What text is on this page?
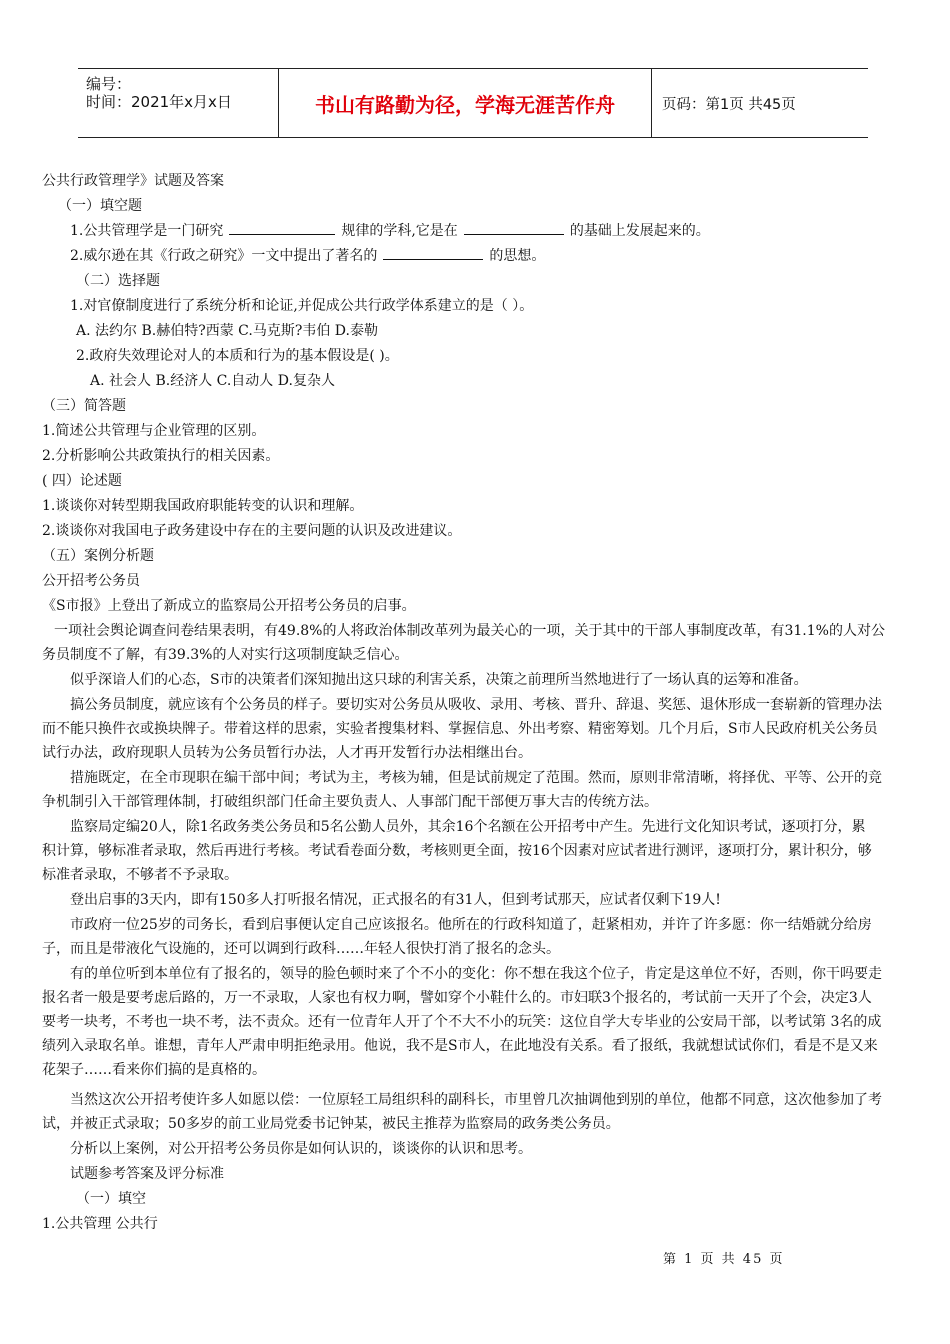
编号：
时间：2021年x月x日	书山有路勤为径，学海无涯苦作舟	页码：第1页 共45页
公共行政管理学》试题及答案
（一）填空题
1.公共管理学是一门研究	规律的学科,它是在	的基础上发展起来的。
2.威尔逊在其《行政之研究》一文中提出了著名的	的思想。
（二）选择题
1.对官僚制度进行了系统分析和论证,并促成公共行政学体系建立的是（ ）。
A. 法约尔 B.赫伯特?西蒙 C.马克斯?韦伯 D.泰勒
2.政府失效理论对人的本质和行为的基本假设是( )。
A. 社会人 B.经济人 C.自动人 D.复杂人
（三）简答题
1.简述公共管理与企业管理的区别。
2.分析影响公共政策执行的相关因素。
( 四）论述题
1.谈谈你对转型期我国政府职能转变的认识和理解。
2.谈谈你对我国电子政务建设中存在的主要问题的认识及改进建议。
（五）案例分析题
公开招考公务员
《S市报》上登出了新成立的监察局公开招考公务员的启事。
一项社会舆论调查问卷结果表明，有49.8%的人将政治体制改革列为最关心的一项，关于其中的干部人事制度改革，有31.1%的人对公
务员制度不了解，有39.3%的人对实行这项制度缺乏信心。
似乎深谙人们的心态，S市的决策者们深知抛出这只球的利害关系，决策之前理所当然地进行了一场认真的运筹和准备。
搞公务员制度，就应该有个公务员的样子。要切实对公务员从吸收、录用、考核、晋升、辞退、奖惩、退休形成一套崭新的管理办法
而不能只换件衣或换块牌子。带着这样的思索，实验者搜集材料、掌握信息、外出考察、精密筹划。几个月后，S市人民政府机关公务员
试行办法，政府现职人员转为公务员暂行办法，人才再开发暂行办法相继出台。
措施既定，在全市现职在编干部中间；考试为主，考核为辅，但是试前规定了范围。然而，原则非常清晰，将择优、平等、公开的竞
争机制引入干部管理体制，打破组织部门任命主要负责人、人事部门配干部便万事大吉的传统方法。
监察局定编20人，除1名政务类公务员和5名公勤人员外，其余16个名额在公开招考中产生。先进行文化知识考试，逐项打分，累
积计算，够标准者录取，然后再进行考核。考试看卷面分数，考核则更全面，按16个因素对应试者进行测评，逐项打分，累计积分，够
标准者录取，不够者不予录取。
登出启事的3天内，即有150多人打听报名情况，正式报名的有31人，但到考试那天，应试者仅剩下19人!
市政府一位25岁的司务长，看到启事便认定自己应该报名。他所在的行政科知道了，赶紧相劝，并许了许多愿：你一结婚就分给房
子，而且是带液化气设施的，还可以调到行政科……年轻人很快打消了报名的念头。
有的单位听到本单位有了报名的，领导的脸色顿时来了个不小的变化：你不想在我这个位子，肯定是这单位不好，否则，你干吗要走
报名者一般是要考虑后路的，万一不录取，人家也有权力啊，譬如穿个小鞋什么的。市妇联3个报名的，考试前一天开了个会，决定3人
要考一块考，不考也一块不考，法不责众。还有一位青年人开了个不大不小的玩笑：这位自学大专毕业的公安局干部，以考试第 3名的成
绩列入录取名单。谁想，青年人严肃申明拒绝录用。他说，我不是S市人，在此地没有关系。看了报纸，我就想试试你们，看是不是又来
花架子……看来你们搞的是真格的。
当然这次公开招考使许多人如愿以偿：一位原轻工局组织科的副科长，市里曾几次抽调他到别的单位，他都不同意，这次他参加了考
试，并被正式录取；50多岁的前工业局党委书记钟某，被民主推荐为监察局的政务类公务员。
分析以上案例，对公开招考公务员你是如何认识的，谈谈你的认识和思考。
试题参考答案及评分标准
（一）填空
1.公共管理 公共行
第 1 页 共 45 页
